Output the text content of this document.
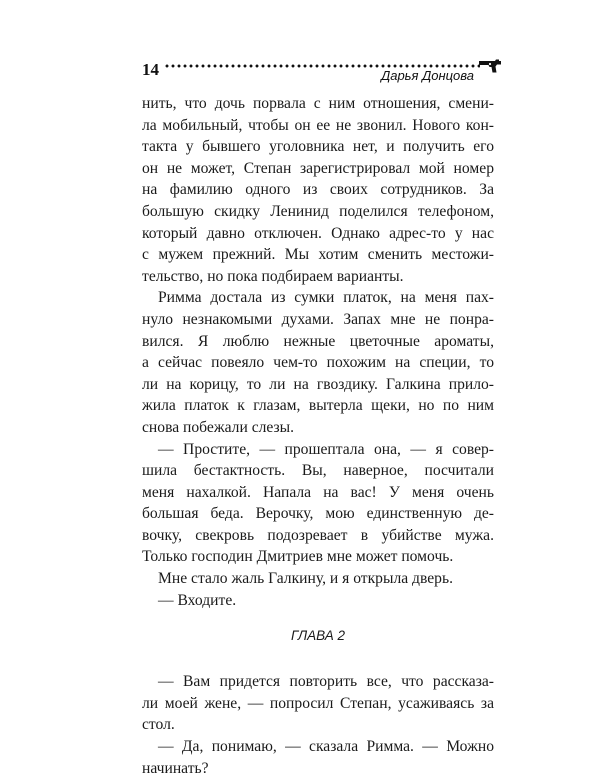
14	Дарья Донцова
нить, что дочь порвала с ним отношения, смени-
ла мобильный, чтобы он ее не звонил. Нового кон-
такта у бывшего уголовника нет, и получить его
он не может, Степан зарегистрировал мой номер
на фамилию одного из своих сотрудников. За
большую скидку Ленинид поделился телефоном,
который давно отключен. Однако адрес-то у нас
с мужем прежний. Мы хотим сменить местожи-
тельство, но пока подбираем варианты.
Римма достала из сумки платок, на меня пах-
нуло незнакомыми духами. Запах мне не понра-
вился. Я люблю нежные цветочные ароматы,
а сейчас повеяло чем-то похожим на специи, то
ли на корицу, то ли на гвоздику. Галкина прило-
жила платок к глазам, вытерла щеки, но по ним
снова побежали слезы.
— Простите, — прошептала она, — я совер-
шила бестактность. Вы, наверное, посчитали
меня нахалкой. Напала на вас! У меня очень
большая беда. Верочку, мою единственную де-
вочку, свекровь подозревает в убийстве мужа.
Только господин Дмитриев мне может помочь.
Мне стало жаль Галкину, и я открыла дверь.
— Входите.
ГЛАВА 2
— Вам придется повторить все, что рассказа-
ли моей жене, — попросил Степан, усаживаясь за
стол.
— Да, понимаю, — сказала Римма. — Можно
начинать?
